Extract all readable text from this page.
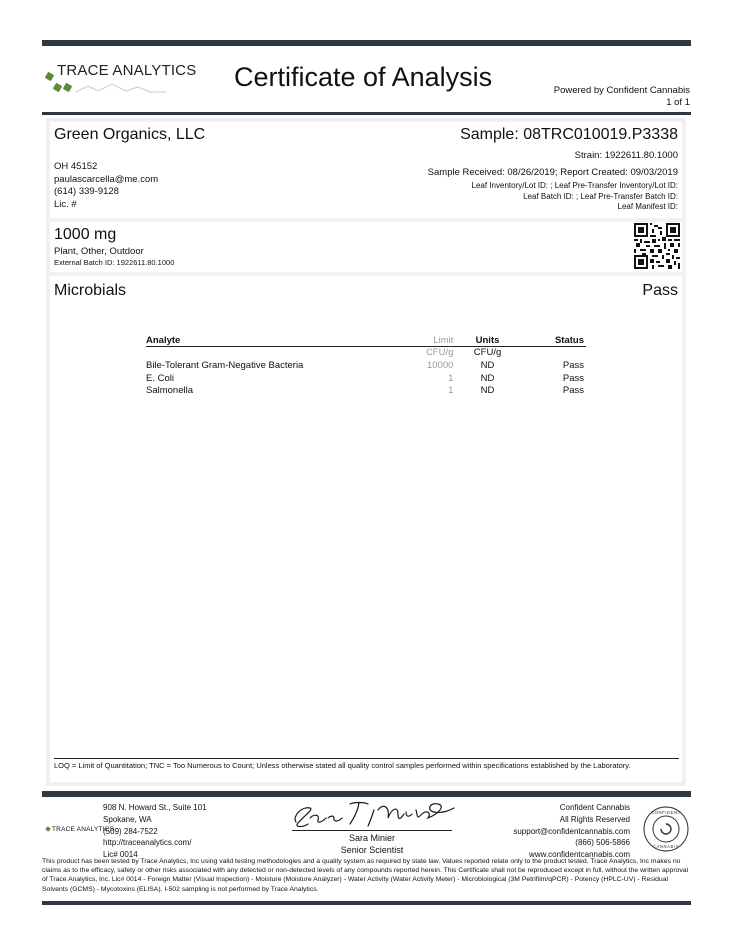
TRACE ANALYTICS Certificate of Analysis	Powered by Confident Cannabis
1 of 1
Green Organics, LLC
OH 45152
paulascarcella@me.com
(614) 339-9128
Lic. #
Sample: 08TRC010019.P3338
Strain: 1922611.80.1000
Sample Received: 08/26/2019; Report Created: 09/03/2019
Leaf Inventory/Lot ID: ; Leaf Pre-Transfer Inventory/Lot ID:
Leaf Batch ID: ; Leaf Pre-Transfer Batch ID:
Leaf Manifest ID:
1000 mg
Plant, Other, Outdoor
External Batch ID: 1922611.80.1000
Microbials	Pass
Analyte	Limit	Units	Status
	CFU/g	CFU/g	
Bile-Tolerant Gram-Negative Bacteria	10000	ND	Pass
E. Coli	1	ND	Pass
Salmonella	1	ND	Pass
LOQ = Limit of Quantitation; TNC = Too Numerous to Count; Unless otherwise stated all quality control samples performed within specifications established by the Laboratory.
TRACE ANALYTICS
908 N. Howard St., Suite 101
Spokane, WA
(509) 284-7522
http://traceanalytics.com/
Lic# 0014
Sara Minier
Senior Scientist
Confident Cannabis
All Rights Reserved
support@confidentcannabis.com
(866) 506-5866
www.confidentcannabis.com
CONFIDENT
CANNABIS
This product has been tested by Trace Analytics, Inc using valid testing methodologies and a quality system as required by state law. Values reported relate only to the product tested. Trace Analytics, Inc makes no claims as to the efficacy, safety or other risks associated with any detected or non-detected levels of any compounds reported herein. This Certificate shall not be reproduced except in full, without the written approval of Trace Analytics, Inc. Lic# 0014 - Foreign Matter (Visual Inspection) - Moisture (Moisture Analyzer) - Water Activity (Water Activity Meter) - Microbiological (3M Petrifilm/qPCR) - Potency (HPLC-UV) - Residual Solvents (GCMS) - Mycotoxins (ELISA). I-502 sampling is not performed by Trace Analytics.
